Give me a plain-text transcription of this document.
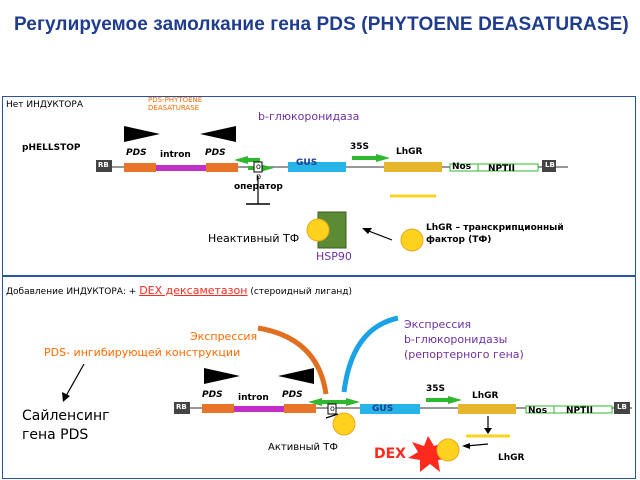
Регулируемое замолкание гена PDS (PHYTOENE DEASATURASE)
Нет ИНДУКТОРА	PDS-PHYTOENE DEASATURASE
b-глюкоронидаза
pHELLSTOP	PDS intron PDS
o
p
оператор
GUS
35S	LhGR
Nos NPTII
RB	LB
LhGR – транскрипционный фактор (ТФ)
Неактивный ТФ
HSP90
Добавление ИНДУКТОРА: + DEX дексаметазон (стероидный лиганд)
Экспрессия
PDS- ингибирующей конструкции
Экспрессия
b-глюкоронидазы
(репортерного гена)
Сайленсинг
гена PDS
PDS intron PDS
o	GUS
35S
LhGR
Nos NPTII
RB	LB
Активный ТФ	DEX	LhGR
